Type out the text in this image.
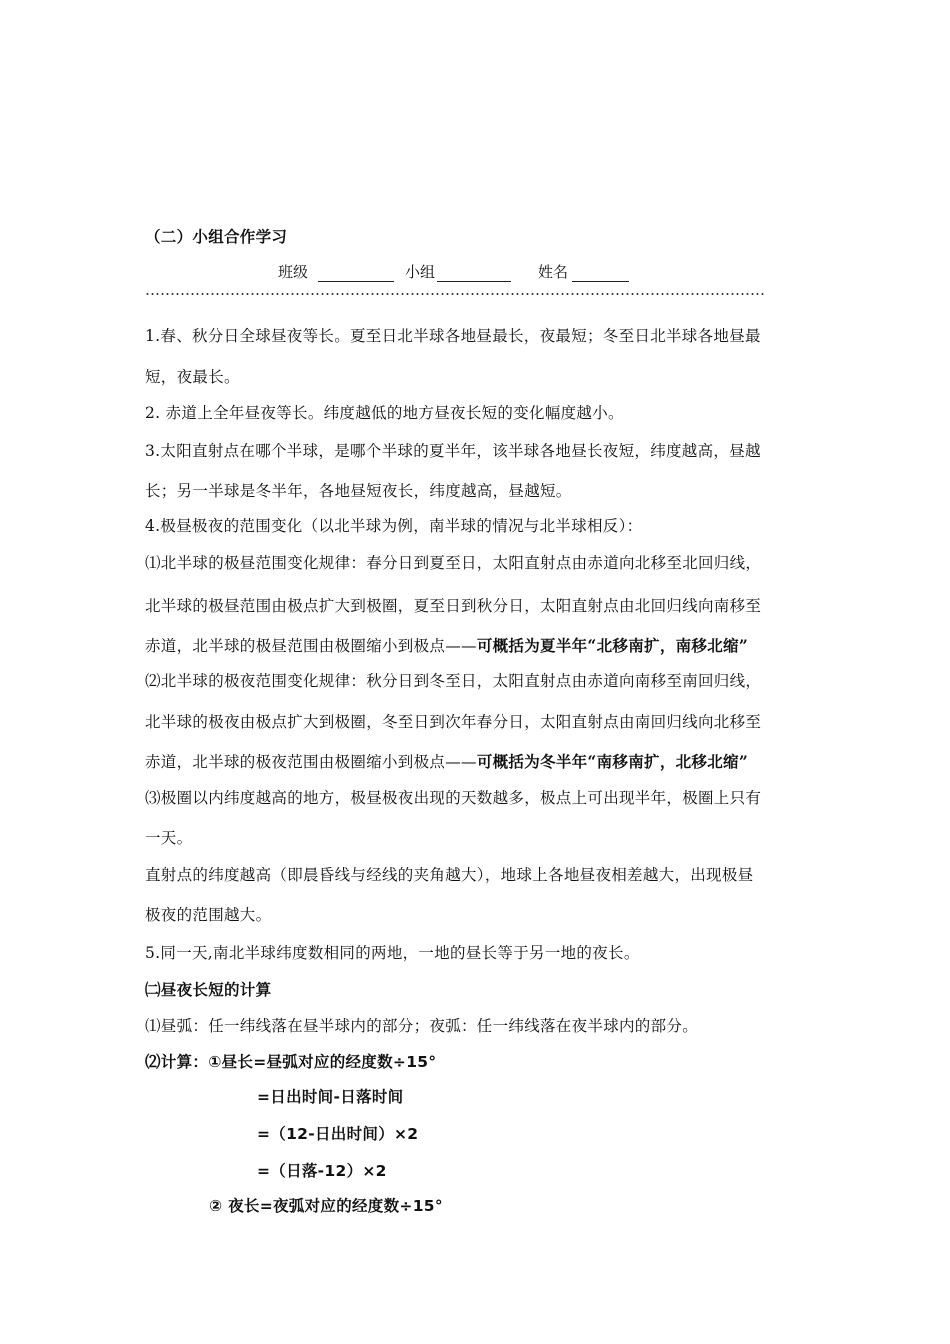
（二）小组合作学习
班级	小组	姓名
1.春、秋分日全球昼夜等长。夏至日北半球各地昼最长，夜最短；冬至日北半球各地昼最
短，夜最长。
2. 赤道上全年昼夜等长。纬度越低的地方昼夜长短的变化幅度越小。
3.太阳直射点在哪个半球，是哪个半球的夏半年，该半球各地昼长夜短，纬度越高，昼越
长；另一半球是冬半年，各地昼短夜长，纬度越高，昼越短。
4.极昼极夜的范围变化（以北半球为例，南半球的情况与北半球相反）：
⑴北半球的极昼范围变化规律：春分日到夏至日，太阳直射点由赤道向北移至北回归线，
北半球的极昼范围由极点扩大到极圈，夏至日到秋分日，太阳直射点由北回归线向南移至
赤道，北半球的极昼范围由极圈缩小到极点——可概括为夏半年“北移南扩，南移北缩”
⑵北半球的极夜范围变化规律：秋分日到冬至日，太阳直射点由赤道向南移至南回归线，
北半球的极夜由极点扩大到极圈，冬至日到次年春分日，太阳直射点由南回归线向北移至
赤道，北半球的极夜范围由极圈缩小到极点——可概括为冬半年“南移南扩，北移北缩”
⑶极圈以内纬度越高的地方，极昼极夜出现的天数越多，极点上可出现半年，极圈上只有
一天。
直射点的纬度越高（即晨昏线与经线的夹角越大），地球上各地昼夜相差越大，出现极昼
极夜的范围越大。
5.同一天,南北半球纬度数相同的两地，一地的昼长等于另一地的夜长。
㈡昼夜长短的计算
⑴昼弧：任一纬线落在昼半球内的部分；夜弧：任一纬线落在夜半球内的部分。
⑵计算：①昼长=昼弧对应的经度数÷15°
=日出时间-日落时间
=（12-日出时间）×2
=（日落-12）×2
② 夜长=夜弧对应的经度数÷15°
